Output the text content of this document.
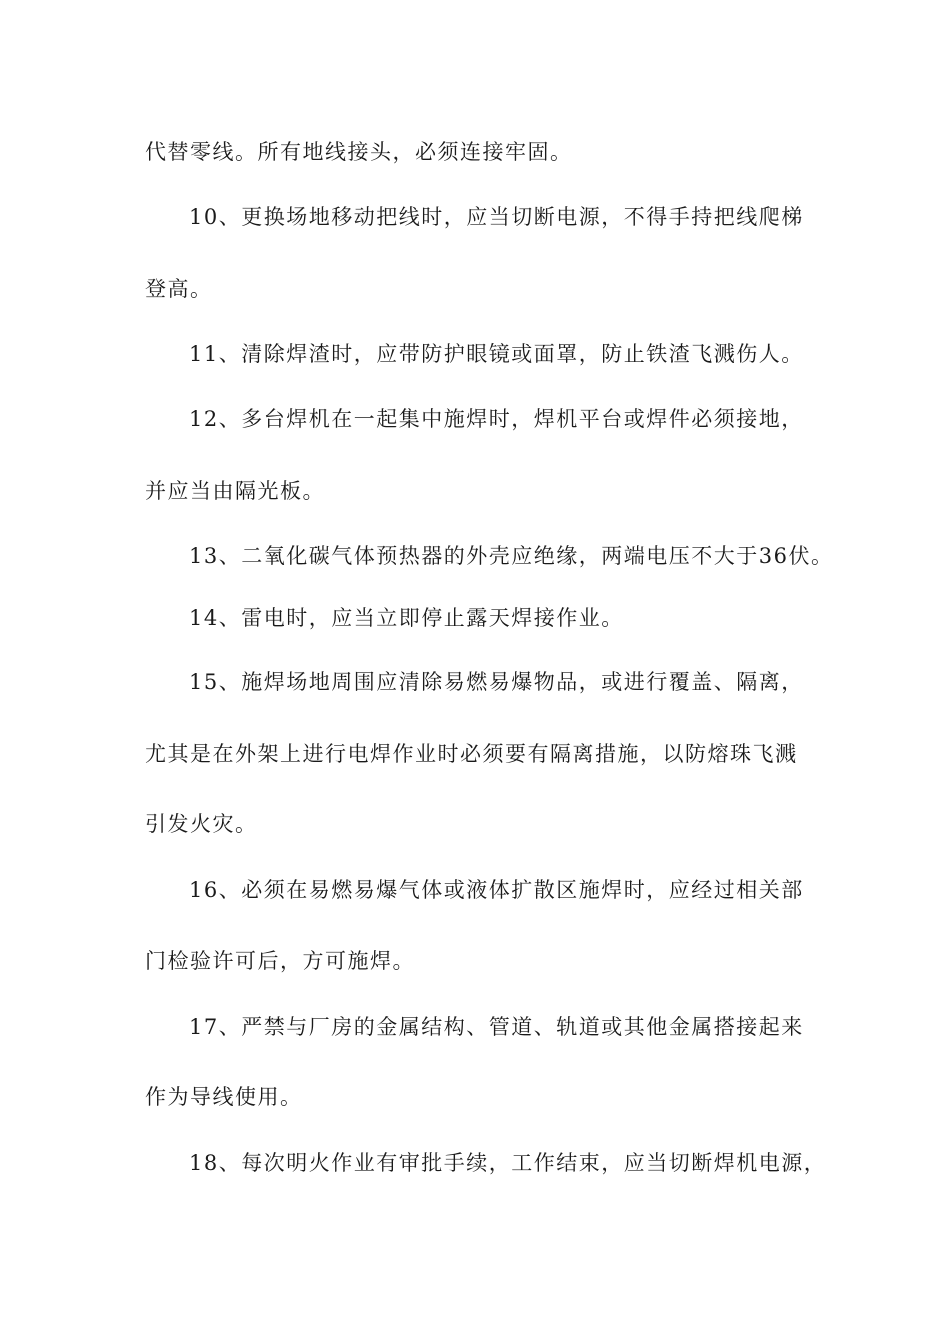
代替零线。所有地线接头，必须连接牢固。
10、更换场地移动把线时，应当切断电源，不得手持把线爬梯
登高。
11、清除焊渣时，应带防护眼镜或面罩，防止铁渣飞溅伤人。
12、多台焊机在一起集中施焊时，焊机平台或焊件必须接地，
并应当由隔光板。
13、二氧化碳气体预热器的外壳应绝缘，两端电压不大于36伏。
14、雷电时，应当立即停止露天焊接作业。
15、施焊场地周围应清除易燃易爆物品，或进行覆盖、隔离，
尤其是在外架上进行电焊作业时必须要有隔离措施，以防熔珠飞溅
引发火灾。
16、必须在易燃易爆气体或液体扩散区施焊时，应经过相关部
门检验许可后，方可施焊。
17、严禁与厂房的金属结构、管道、轨道或其他金属搭接起来
作为导线使用。
18、每次明火作业有审批手续，工作结束，应当切断焊机电源，
